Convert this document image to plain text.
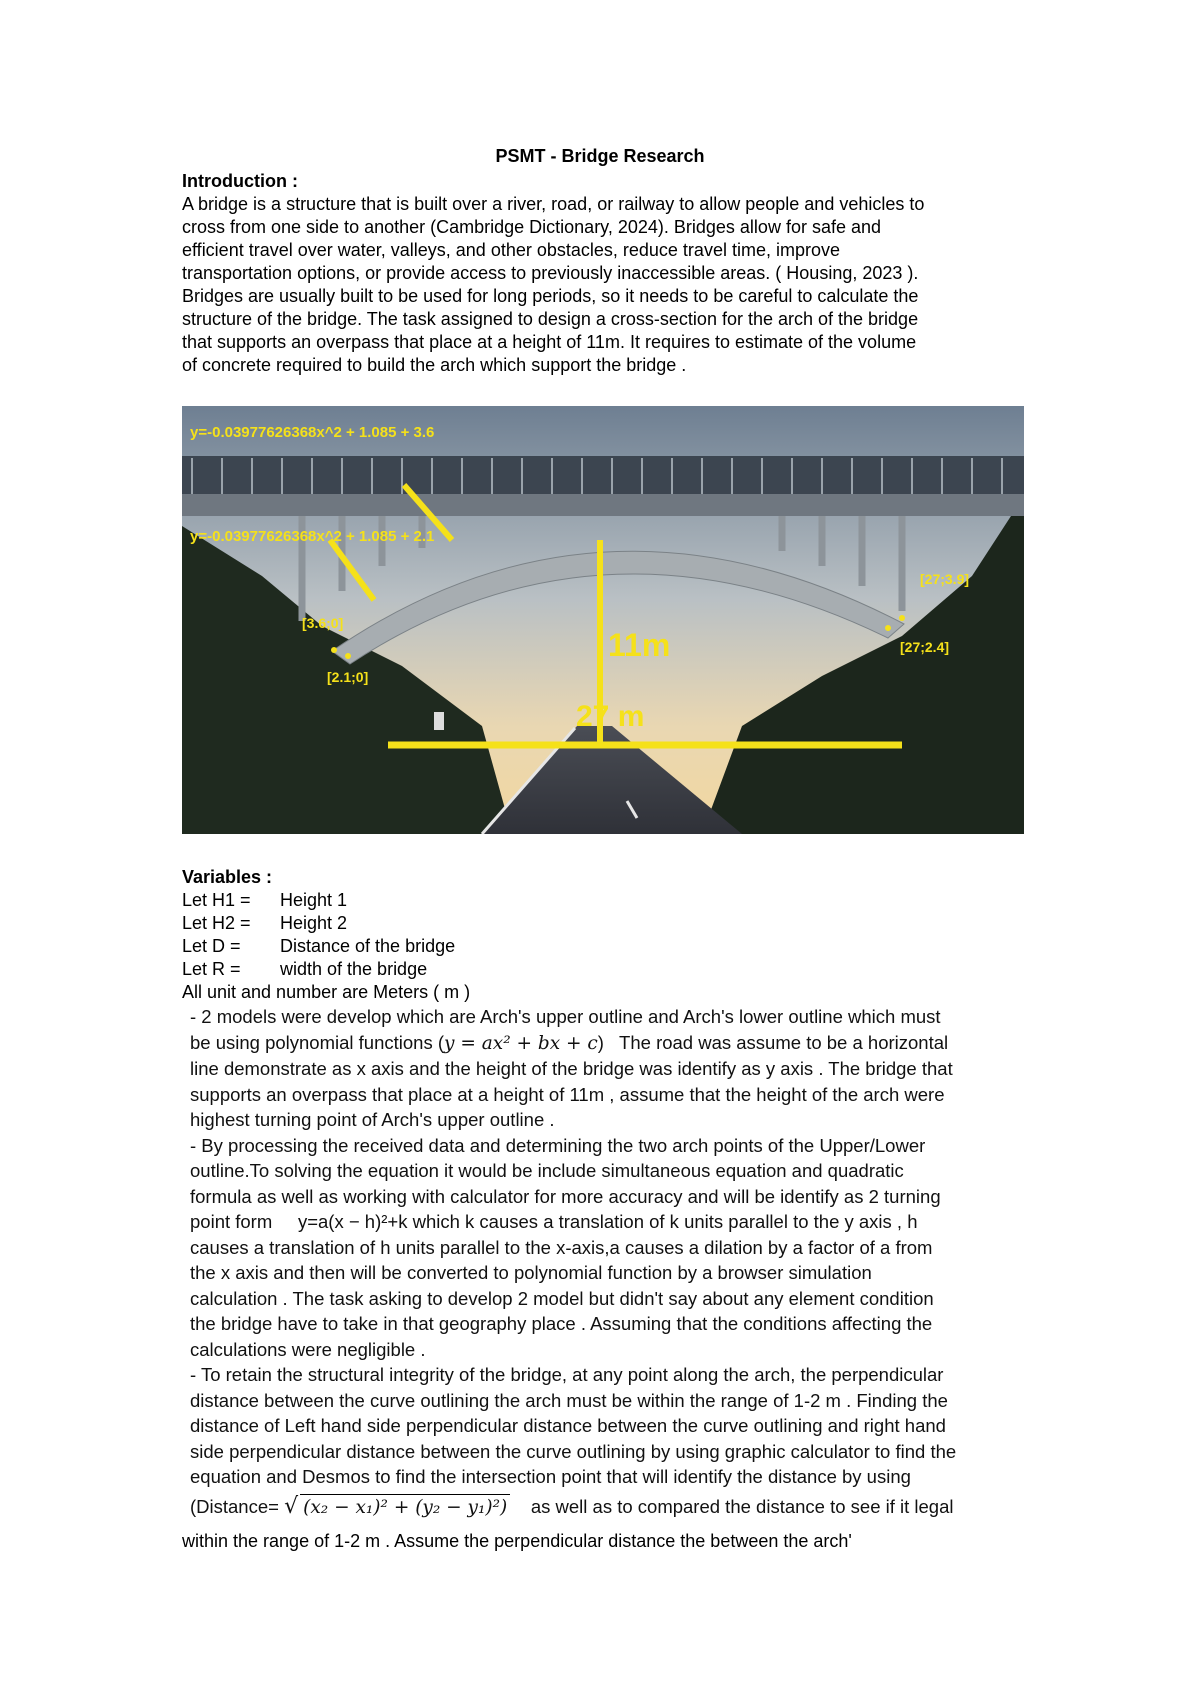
PSMT - Bridge Research
Introduction :
A bridge is a structure that is built over a river, road, or railway to allow people and vehicles to
cross from one side to another (Cambridge Dictionary, 2024). Bridges allow for safe and
efficient travel over water, valleys, and other obstacles, reduce travel time, improve
transportation options, or provide access to previously inaccessible areas. ( Housing, 2023 ).
Bridges are usually built to be used for long periods, so it needs to be careful to calculate the
structure of the bridge. The task assigned to design a cross-section for the arch of the bridge
that supports an overpass that place at a height of 11m. It requires to estimate of the volume
of concrete required to build the arch which support the bridge .
y=-0.03977626368x^2 + 1.085 + 3.6
y=-0.03977626368x^2 + 1.085 + 2.1
[3.6;0]
[2.1;0]
[27;3.9]
[27;2.4]
11m
27 m
Variables :
Let H1 =	Height 1
Let H2 =	Height 2
Let D =	Distance of the bridge
Let R =	width of the bridge
All unit and number are Meters ( m )

- 2 models were develop which are Arch's upper outline and Arch's lower outline which must

be using polynomial functions (y = ax² + bx + c)   The road was assume to be a horizontal

line demonstrate as x axis and the height of the bridge was identify as y axis . The bridge that

supports an overpass that place at a height of 11m , assume that the height of the arch were

highest turning point of Arch's upper outline .

- By processing the received data and determining the two arch points of the Upper/Lower

outline.To solving the equation it would be include simultaneous equation and quadratic

formula as well as working with calculator for more accuracy and will be identify as 2 turning

point form y=a(x − h)²+k which k causes a translation of k units parallel to the y axis , h

causes a translation of h units parallel to the x-axis,a causes a dilation by a factor of a from

the x axis and then will be converted to polynomial function by a browser simulation

calculation . The task asking to develop 2 model but didn't say about any element condition

the bridge have to take in that geography place . Assuming that the conditions affecting the

calculations were negligible .

- To retain the structural integrity of the bridge, at any point along the arch, the perpendicular

distance between the curve outlining the arch must be within the range of 1-2 m . Finding the

distance of Left hand side perpendicular distance between the curve outlining and right hand

side perpendicular distance between the curve outlining by using graphic calculator to find the

equation and Desmos to find the intersection point that will identify the distance by using

(Distance= √ (x₂ − x₁)² + (y₂ − y₁)²) as well as to compared the distance to see if it legal

within the range of 1-2 m . Assume the perpendicular distance the between the arch'
